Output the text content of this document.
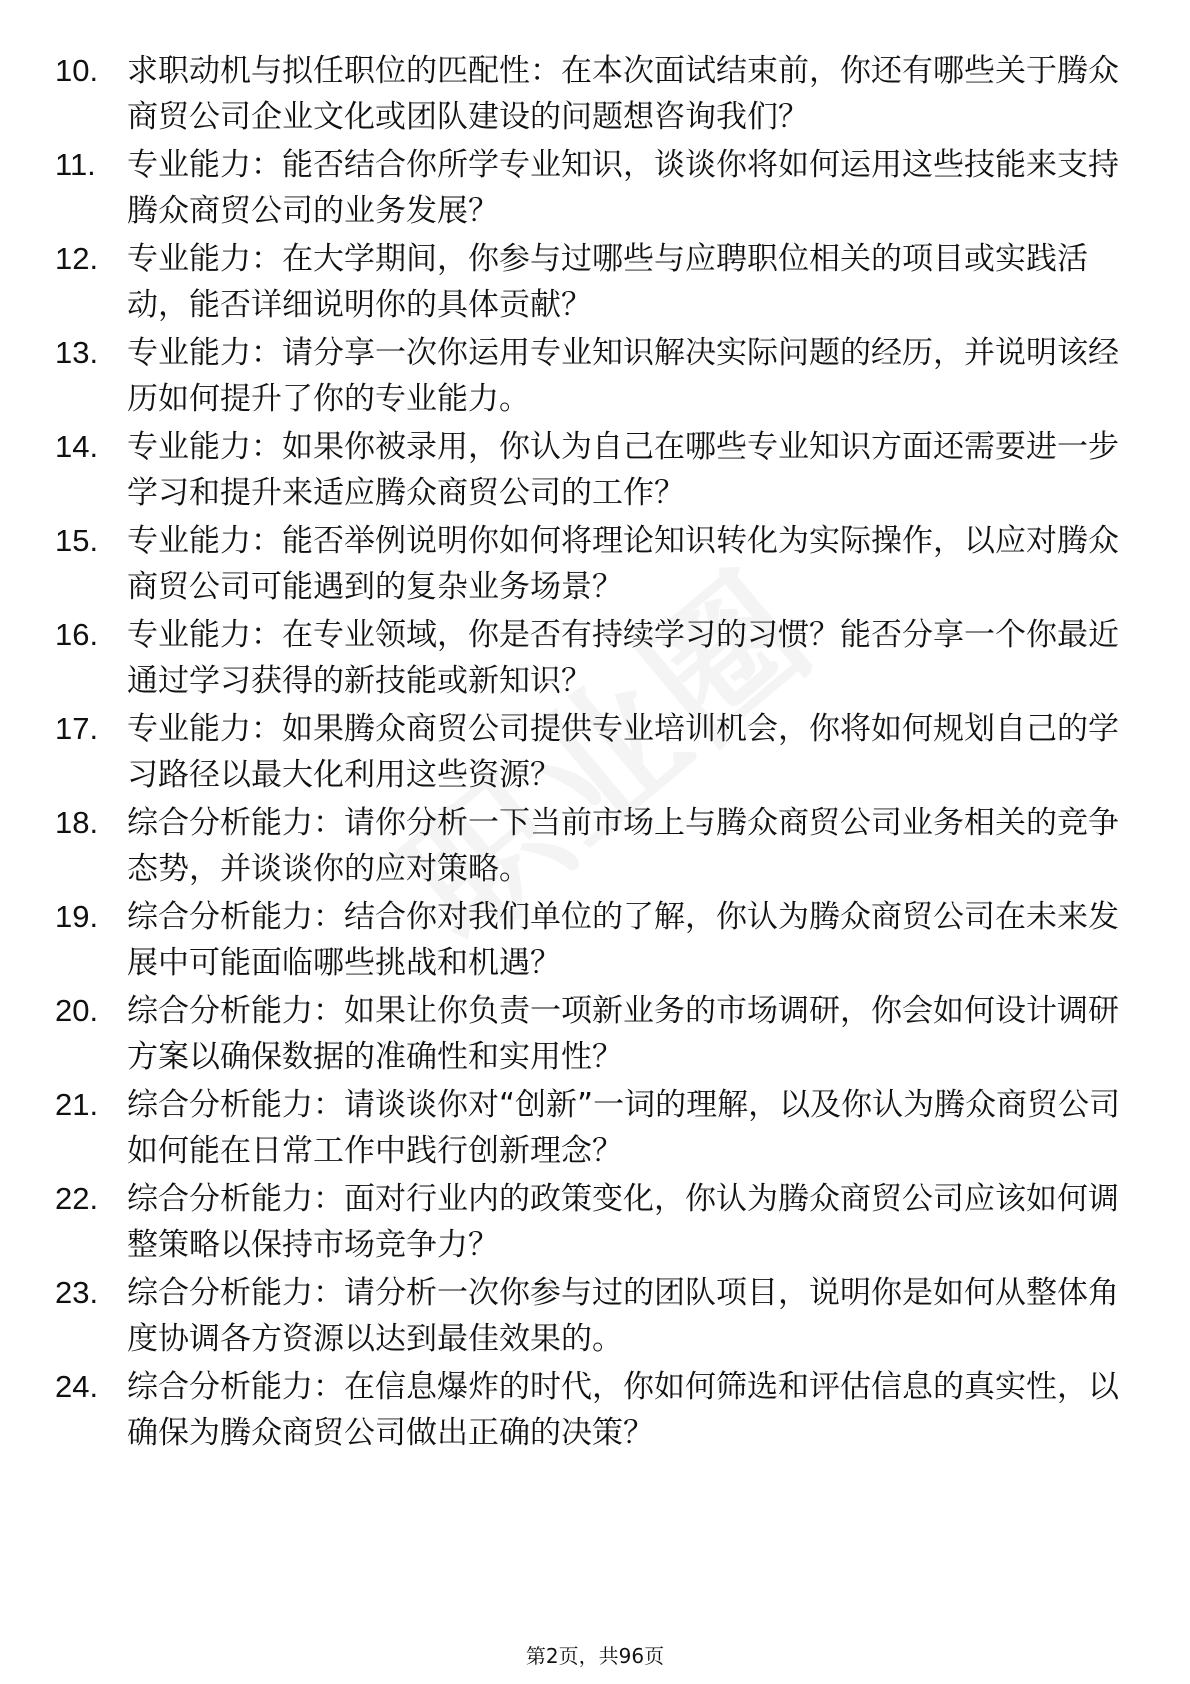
10. 求职动机与拟任职位的匹配性：在本次面试结束前，你还有哪些关于腾众商贸公司企业文化或团队建设的问题想咨询我们？
11.	专业能力：能否结合你所学专业知识，谈谈你将如何运用这些技能来支持腾众商贸公司的业务发展？
12. 专业能力：在大学期间，你参与过哪些与应聘职位相关的项目或实践活动，能否详细说明你的具体贡献？
13. 专业能力：请分享一次你运用专业知识解决实际问题的经历，并说明该经历如何提升了你的专业能力。
14. 专业能力：如果你被录用，你认为自己在哪些专业知识方面还需要进一步学习和提升来适应腾众商贸公司的工作？
15. 专业能力：能否举例说明你如何将理论知识转化为实际操作，以应对腾众商贸公司可能遇到的复杂业务场景？
16. 专业能力：在专业领域，你是否有持续学习的习惯？能否分享一个你最近通过学习获得的新技能或新知识？
17. 专业能力：如果腾众商贸公司提供专业培训机会，你将如何规划自己的学习路径以最大化利用这些资源？
18. 综合分析能力：请你分析一下当前市场上与腾众商贸公司业务相关的竞争态势，并谈谈你的应对策略。
19. 综合分析能力：结合你对我们单位的了解，你认为腾众商贸公司在未来发展中可能面临哪些挑战和机遇？
20. 综合分析能力：如果让你负责一项新业务的市场调研，你会如何设计调研方案以确保数据的准确性和实用性？
21. 综合分析能力：请谈谈你对“创新”一词的理解，以及你认为腾众商贸公司如何能在日常工作中践行创新理念？
22. 综合分析能力：面对行业内的政策变化，你认为腾众商贸公司应该如何调整策略以保持市场竞争力？
23. 综合分析能力：请分析一次你参与过的团队项目，说明你是如何从整体角度协调各方资源以达到最佳效果的。
24. 综合分析能力：在信息爆炸的时代，你如何筛选和评估信息的真实性，以确保为腾众商贸公司做出正确的决策？
第2页，共96页
